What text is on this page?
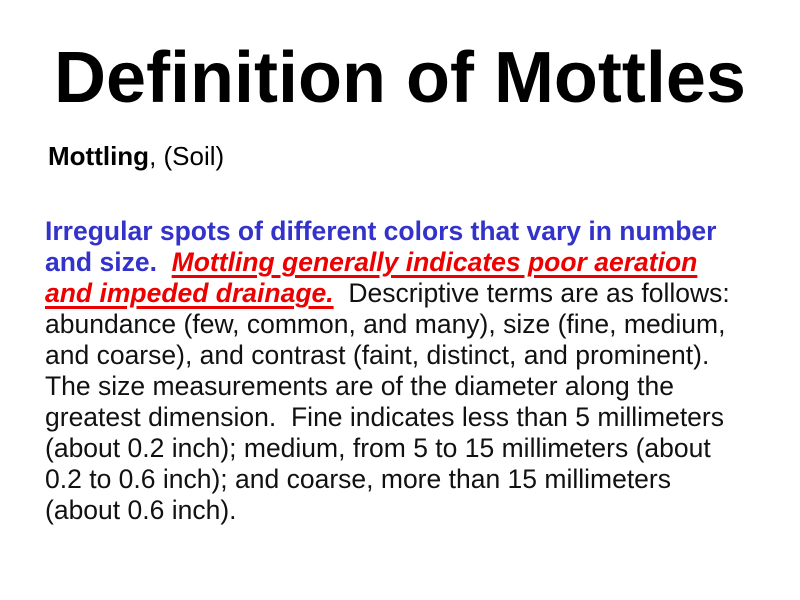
Definition of Mottles
Mottling, (Soil)
Irregular spots of different colors that vary in number
and size.  Mottling generally indicates poor aeration
and impeded drainage.  Descriptive terms are as follows:
abundance (few, common, and many), size (fine, medium,
and coarse), and contrast (faint, distinct, and prominent).
The size measurements are of the diameter along the
greatest dimension.  Fine indicates less than 5 millimeters
(about 0.2 inch); medium, from 5 to 15 millimeters (about
0.2 to 0.6 inch); and coarse, more than 15 millimeters
(about 0.6 inch).
